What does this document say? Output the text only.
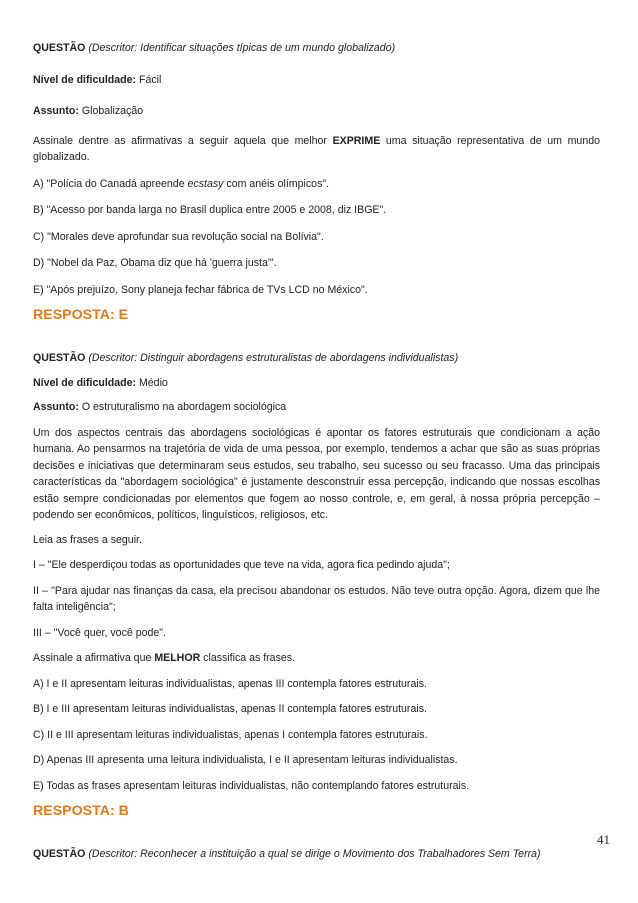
QUESTÃO (Descritor: Identificar situações típicas de um mundo globalizado)

Nível de dificuldade: Fácil

Assunto: Globalização

Assinale dentre as afirmativas a seguir aquela que melhor EXPRIME uma situação representativa de um mundo globalizado.

A) "Polícia do Canadá apreende ecstasy com anéis olímpicos".

B) "Acesso por banda larga no Brasil duplica entre 2005 e 2008, diz IBGE".

C) "Morales deve aprofundar sua revolução social na Bolívia".

D) "Nobel da Paz, Obama diz que há 'guerra justa'".

E) "Após prejuízo, Sony planeja fechar fábrica de TVs LCD no México".

RESPOSTA: E

QUESTÃO (Descritor: Distinguir abordagens estruturalistas de abordagens individualistas)

Nível de dificuldade: Médio

Assunto: O estruturalismo na abordagem sociológica

Um dos aspectos centrais das abordagens sociológicas é apontar os fatores estruturais que condicionam a ação humana. Ao pensarmos na trajetória de vida de uma pessoa, por exemplo, tendemos a achar que são as suas próprias decisões e iniciativas que determinaram seus estudos, seu trabalho, seu sucesso ou seu fracasso. Uma das principais características da "abordagem sociológica" é justamente desconstruir essa percepção, indicando que nossas escolhas estão sempre condicionadas por elementos que fogem ao nosso controle, e, em geral, à nossa própria percepção – podendo ser econômicos, políticos, linguísticos, religiosos, etc.

Leia as frases a seguir.

I – "Ele desperdiçou todas as oportunidades que teve na vida, agora fica pedindo ajuda";

II – "Para ajudar nas finanças da casa, ela precisou abandonar os estudos. Não teve outra opção. Agora, dizem que lhe falta inteligência";

III – "Você quer, você pode".

Assinale a afirmativa que MELHOR classifica as frases.

A) I e II apresentam leituras individualistas, apenas III contempla fatores estruturais.

B) I e III apresentam leituras individualistas, apenas II contempla fatores estruturais.

C) II e III apresentam leituras individualistas, apenas I contempla fatores estruturais.

D) Apenas III apresenta uma leitura individualista, I e II apresentam leituras individualistas.

E) Todas as frases apresentam leituras individualistas, não contemplando fatores estruturais.

RESPOSTA: B

QUESTÃO (Descritor: Reconhecer a instituição a qual se dirige o Movimento dos Trabalhadores Sem Terra)

41
